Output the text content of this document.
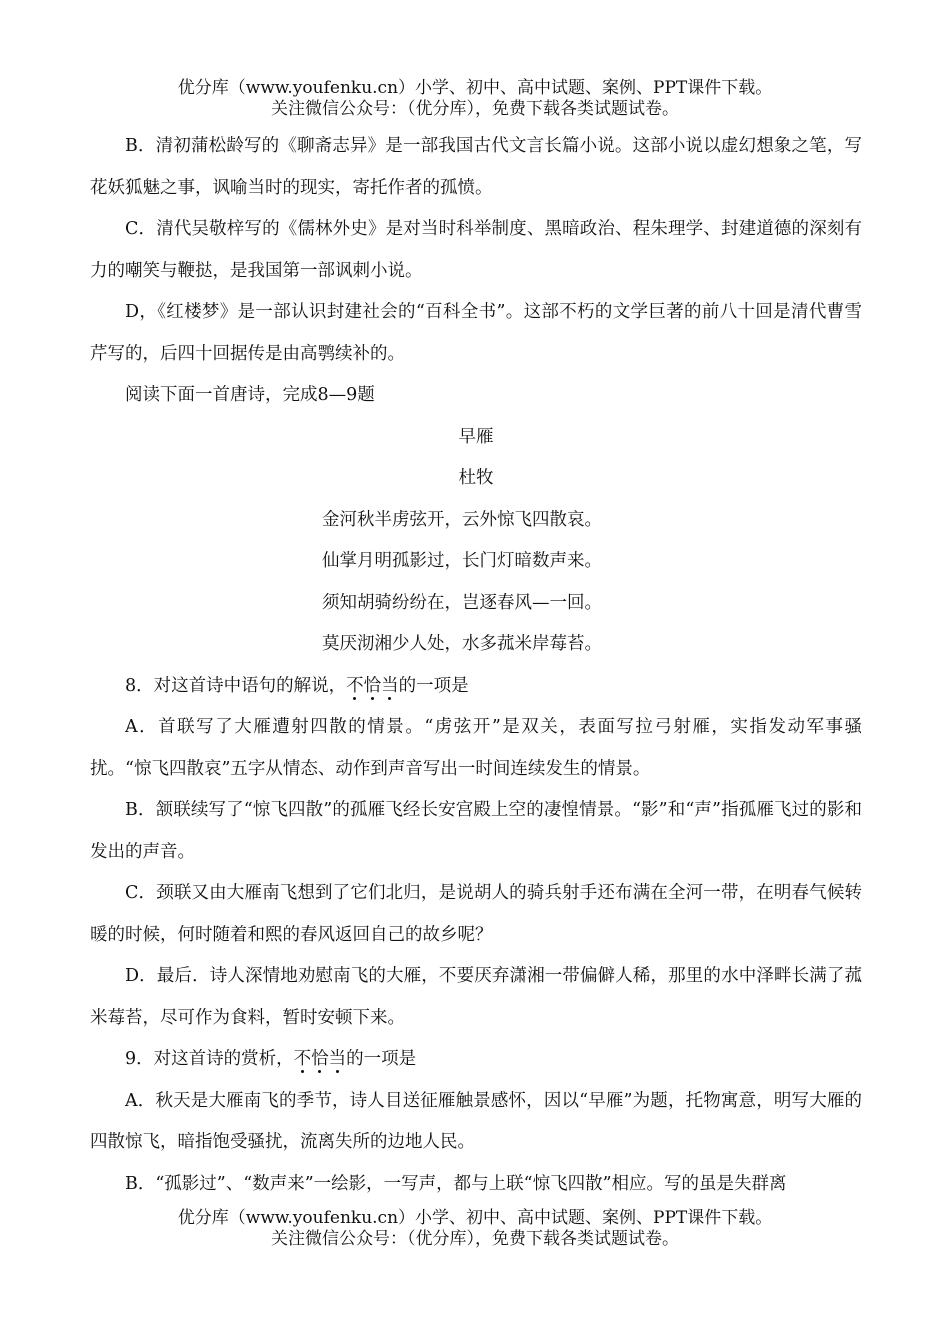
优分库（www.youfenku.cn）小学、初中、高中试题、案例、PPT课件下载。
关注微信公众号：（优分库），免费下载各类试题试卷。

B．清初蒲松龄写的《聊斋志异》是一部我国古代文言长篇小说。这部小说以虚幻想象之笔，写花妖狐魅之事，讽喻当时的现实，寄托作者的孤愤。

C．清代吴敬梓写的《儒林外史》是对当时科举制度、黑暗政治、程朱理学、封建道德的深刻有力的嘲笑与鞭挞，是我国第一部讽刺小说。

D，《红楼梦》是一部认识封建社会的“百科全书”。这部不朽的文学巨著的前八十回是清代曹雪芹写的，后四十回据传是由高鹗续补的。

阅读下面一首唐诗，完成8—9题

早雁

杜牧

金河秋半虏弦开，云外惊飞四散哀。

仙掌月明孤影过，长门灯暗数声来。

须知胡骑纷纷在，岂逐春风—一回。

莫厌沏湘少人处，水多菰米岸莓苔。

8．对这首诗中语句的解说，不恰当的一项是

A．首联写了大雁遭射四散的情景。“虏弦开”是双关，表面写拉弓射雁，实指发动军事骚扰。“惊飞四散哀”五字从情态、动作到声音写出一时间连续发生的情景。

B．颔联续写了“惊飞四散”的孤雁飞经长安宫殿上空的凄惶情景。“影”和“声”指孤雁飞过的影和发出的声音。

C．颈联又由大雁南飞想到了它们北归，是说胡人的骑兵射手还布满在全河一带，在明春气候转暖的时候，何时随着和熙的春风返回自己的故乡呢？

D．最后．诗人深情地劝慰南飞的大雁，不要厌弃潇湘一带偏僻人稀，那里的水中泽畔长满了菰米莓苔，尽可作为食料，暂时安顿下来。

9．对这首诗的赏析，不恰当的一项是

A．秋天是大雁南飞的季节，诗人目送征雁触景感怀，因以“早雁”为题，托物寓意，明写大雁的四散惊飞，暗指饱受骚扰，流离失所的边地人民。

B．“孤影过”、“数声来”一绘影，一写声，都与上联“惊飞四散”相应。写的虽是失群离

优分库（www.youfenku.cn）小学、初中、高中试题、案例、PPT课件下载。
关注微信公众号：（优分库），免费下载各类试题试卷。
